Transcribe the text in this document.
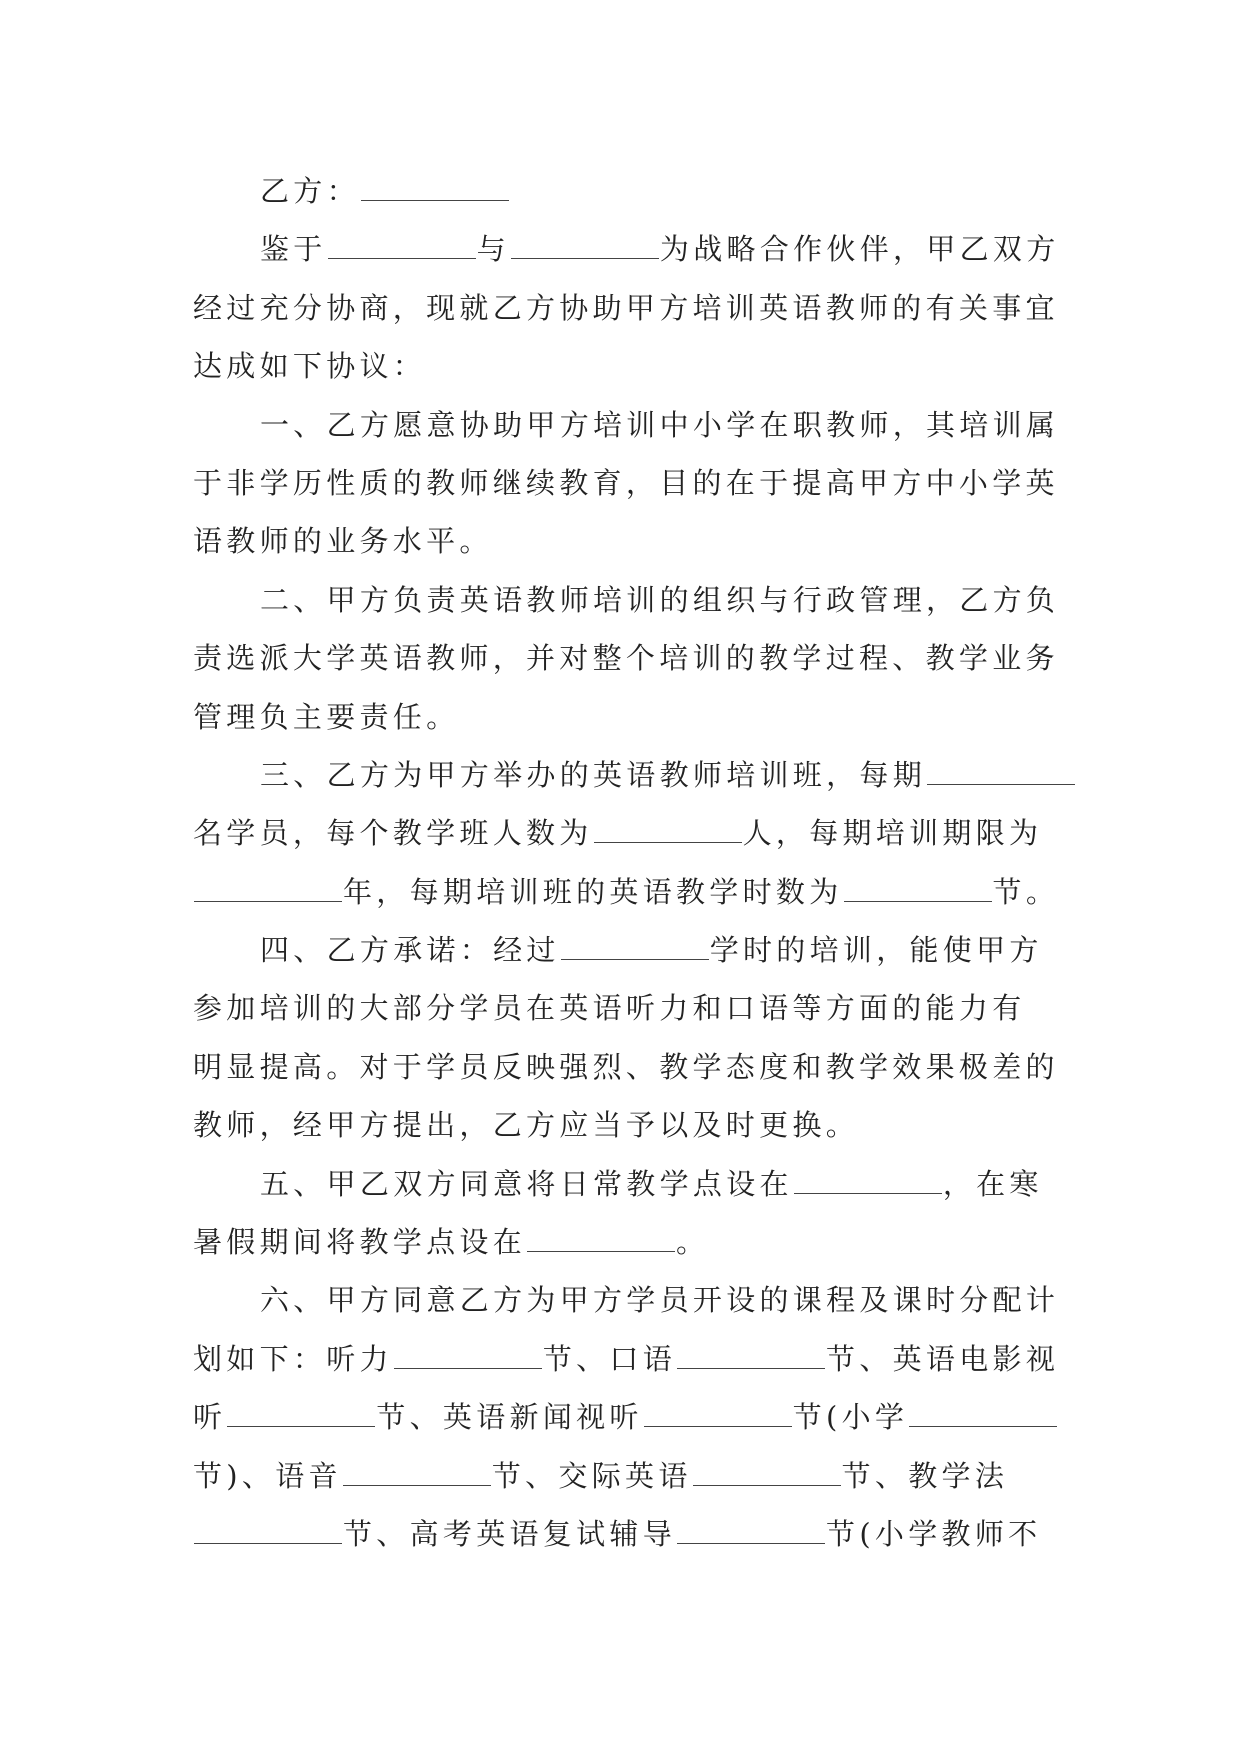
乙方：
鉴于	与	为战略合作伙伴，甲乙双方
经过充分协商，现就乙方协助甲方培训英语教师的有关事宜
达成如下协议：
一、乙方愿意协助甲方培训中小学在职教师，其培训属
于非学历性质的教师继续教育，目的在于提高甲方中小学英
语教师的业务水平。
二、甲方负责英语教师培训的组织与行政管理，乙方负
责选派大学英语教师，并对整个培训的教学过程、教学业务
管理负主要责任。
三、乙方为甲方举办的英语教师培训班，每期
名学员，每个教学班人数为	人，每期培训期限为
年，每期培训班的英语教学时数为	节。
四、乙方承诺：经过	学时的培训，能使甲方
参加培训的大部分学员在英语听力和口语等方面的能力有
明显提高。对于学员反映强烈、教学态度和教学效果极差的
教师，经甲方提出，乙方应当予以及时更换。
五、甲乙双方同意将日常教学点设在	，在寒
暑假期间将教学点设在	。
六、甲方同意乙方为甲方学员开设的课程及课时分配计
划如下：听力	节、口语	节、英语电影视
听	节、英语新闻视听	节(小学
节)、语音	节、交际英语	节、教学法
节、高考英语复试辅导	节(小学教师不
